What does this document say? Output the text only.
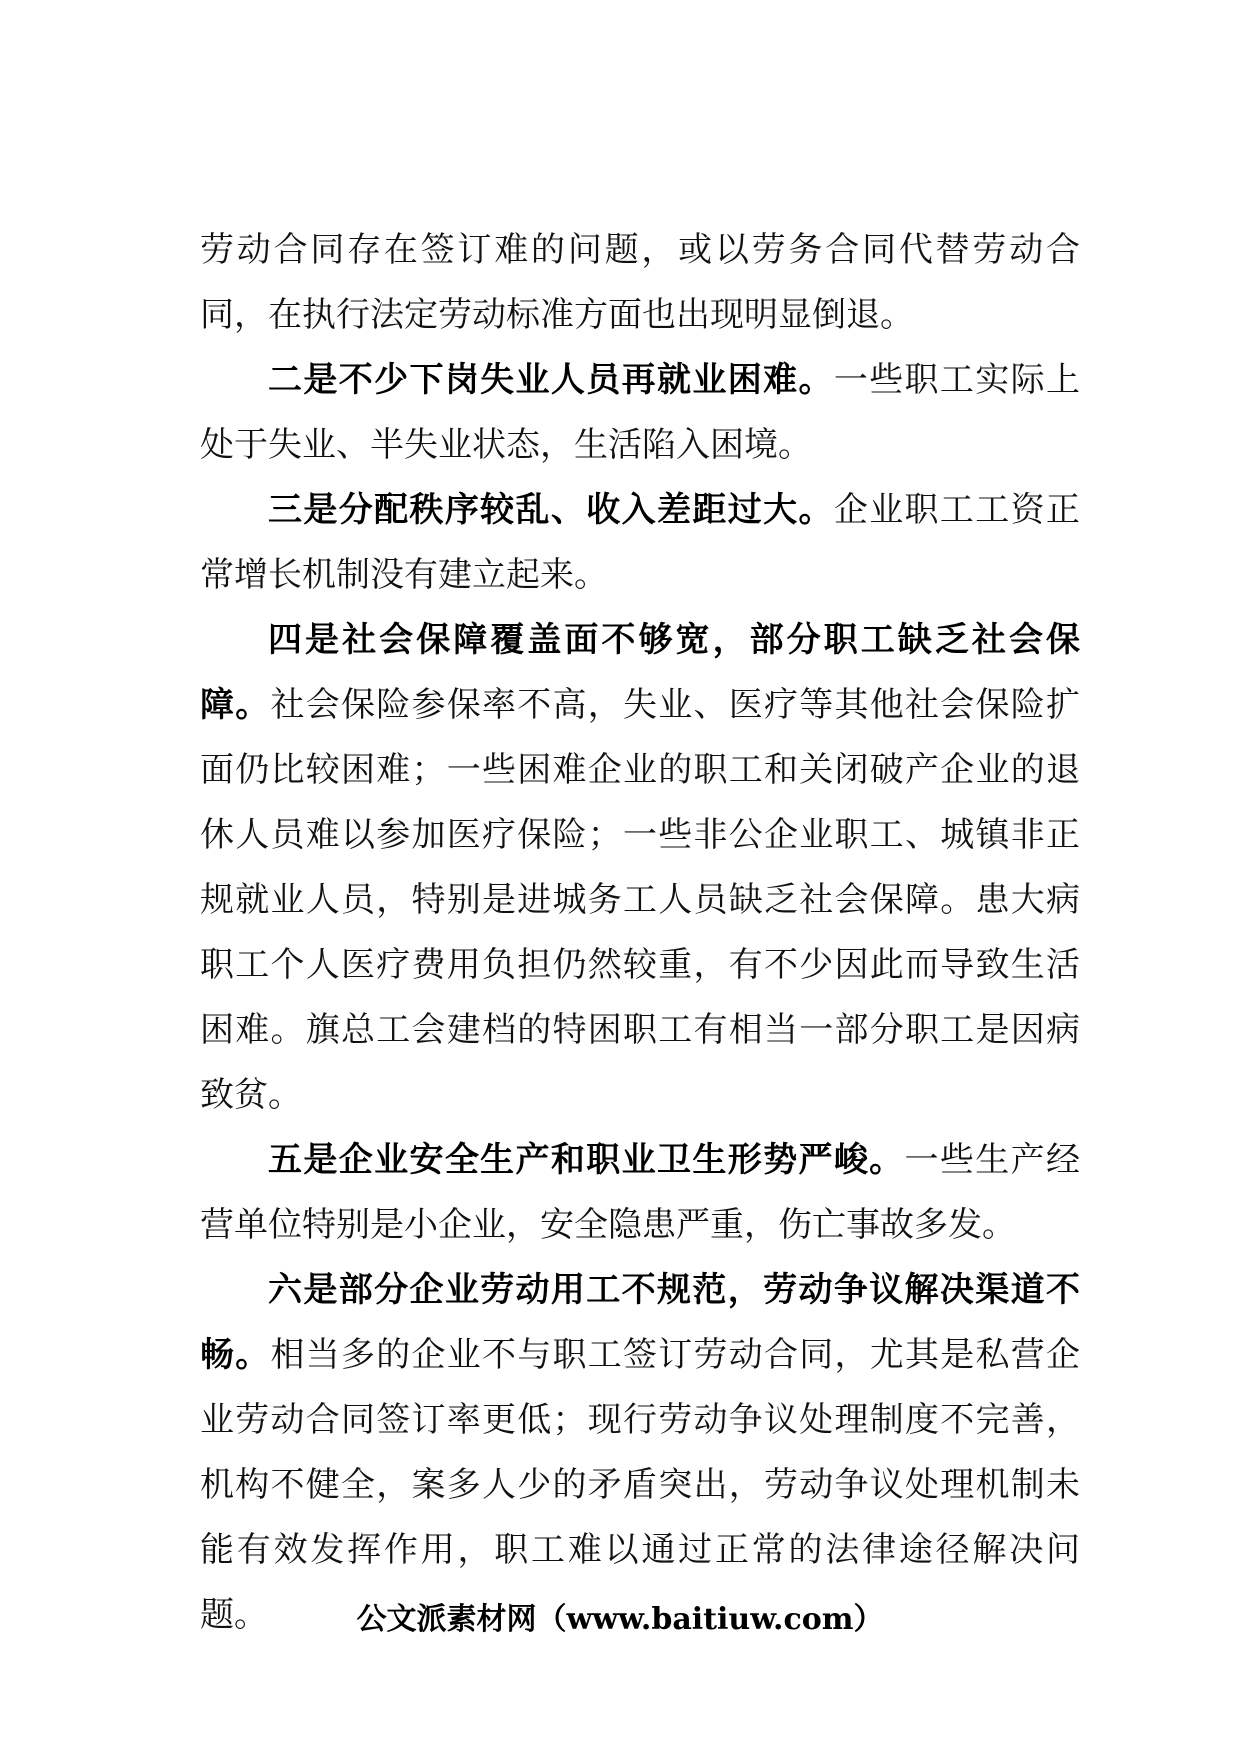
劳动合同存在签订难的问题，或以劳务合同代替劳动合同，在执行法定劳动标准方面也出现明显倒退。

二是不少下岗失业人员再就业困难。一些职工实际上处于失业、半失业状态，生活陷入困境。

三是分配秩序较乱、收入差距过大。企业职工工资正常增长机制没有建立起来。

四是社会保障覆盖面不够宽，部分职工缺乏社会保障。社会保险参保率不高，失业、医疗等其他社会保险扩面仍比较困难；一些困难企业的职工和关闭破产企业的退休人员难以参加医疗保险；一些非公企业职工、城镇非正规就业人员，特别是进城务工人员缺乏社会保障。患大病职工个人医疗费用负担仍然较重，有不少因此而导致生活困难。旗总工会建档的特困职工有相当一部分职工是因病致贫。

五是企业安全生产和职业卫生形势严峻。一些生产经营单位特别是小企业，安全隐患严重，伤亡事故多发。

六是部分企业劳动用工不规范，劳动争议解决渠道不畅。相当多的企业不与职工签订劳动合同，尤其是私营企业劳动合同签订率更低；现行劳动争议处理制度不完善，机构不健全，案多人少的矛盾突出，劳动争议处理机制未能有效发挥作用，职工难以通过正常的法律途径解决问题。	公文派素材网（www.baitiuw.com）
